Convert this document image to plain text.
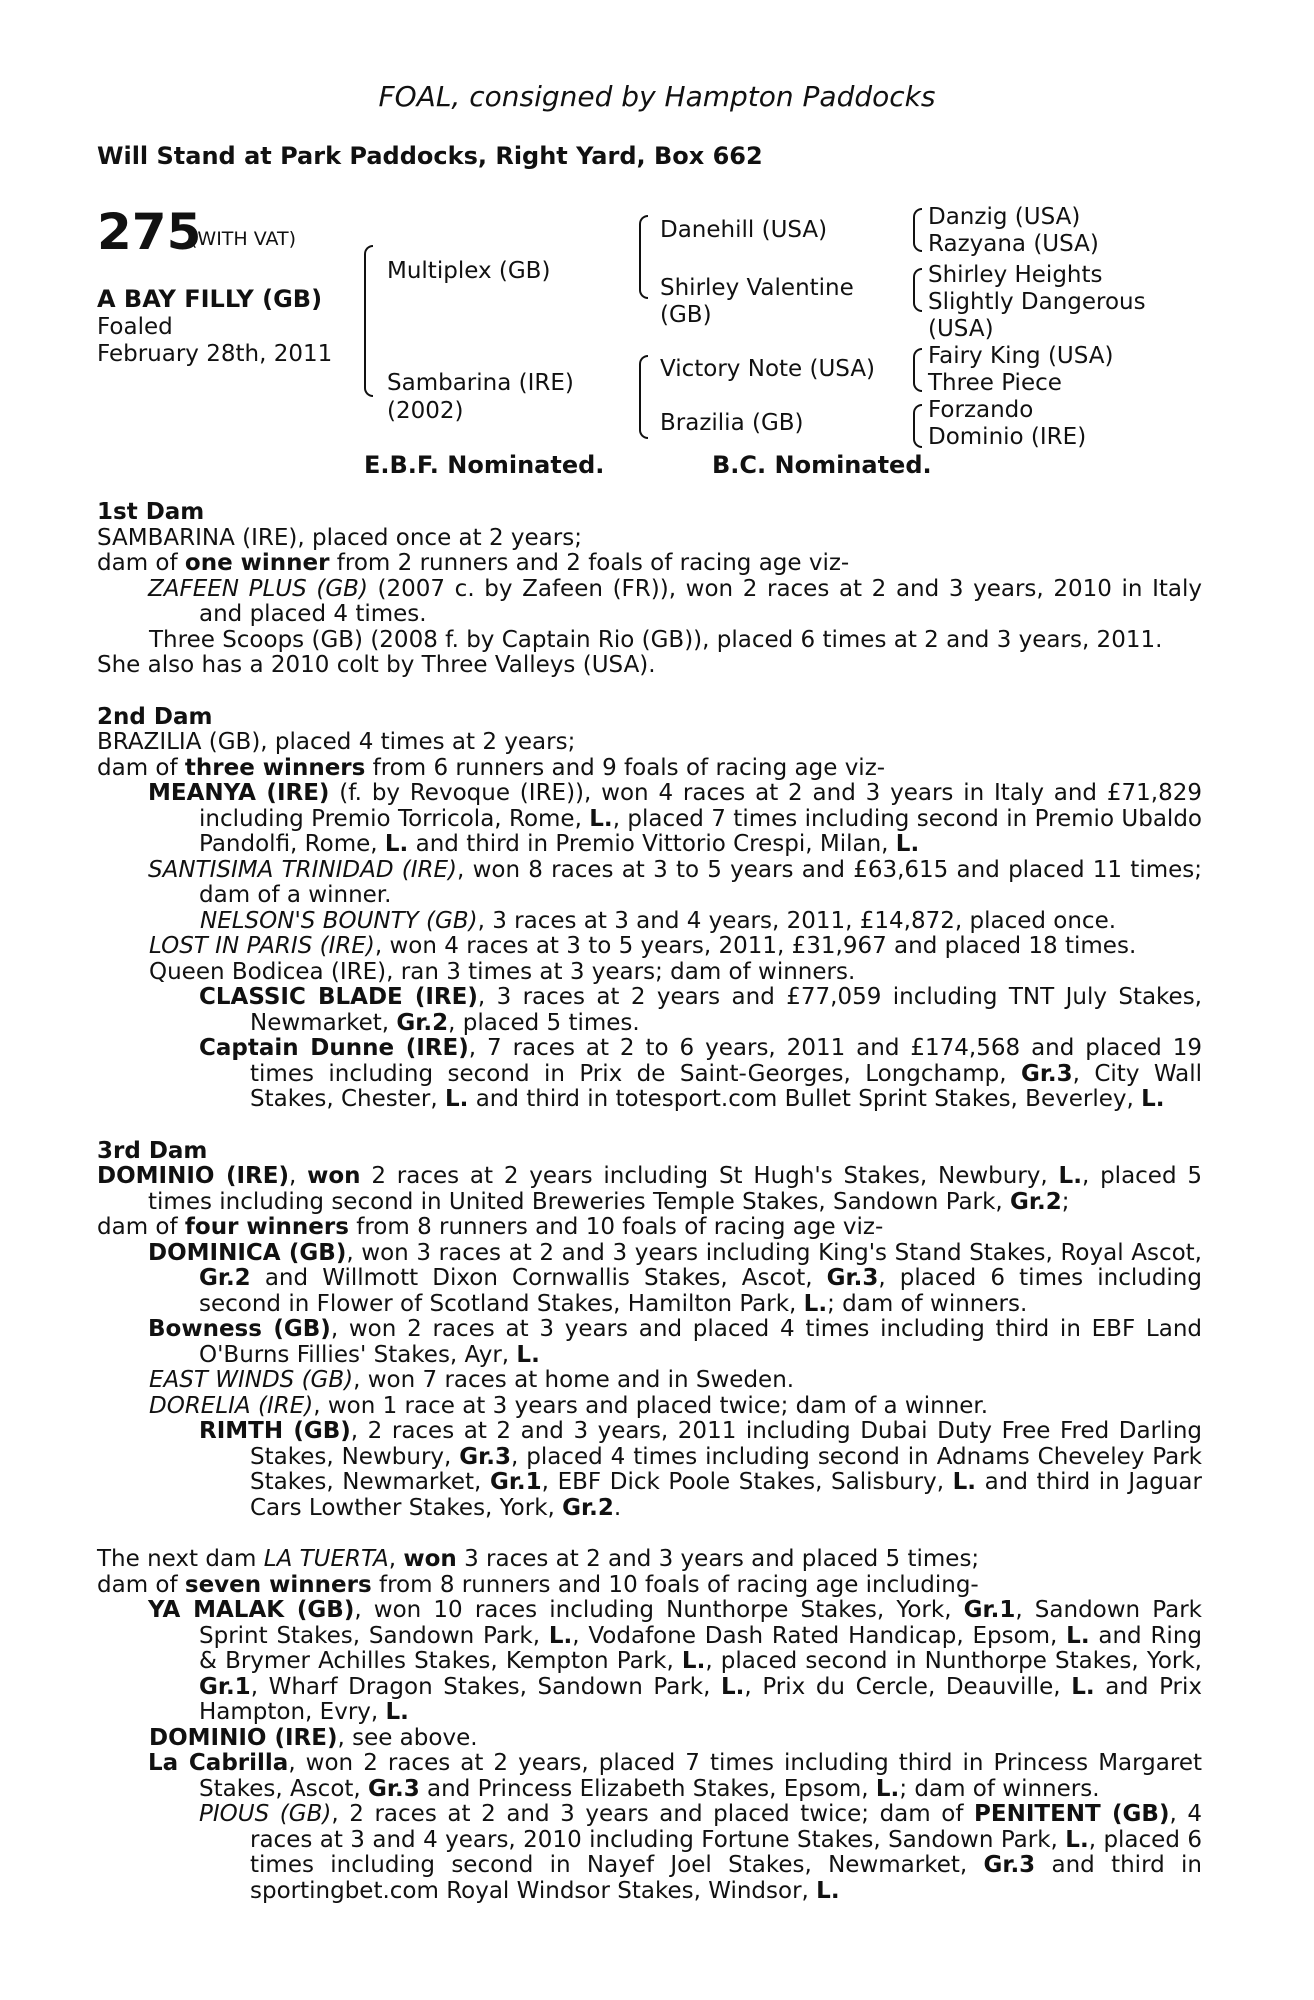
FOAL, consigned by Hampton Paddocks
Will Stand at Park Paddocks, Right Yard, Box 662
275
(WITH VAT)
A BAY FILLY (GB)
Foaled
February 28th, 2011
Multiplex (GB)
Sambarina (IRE)
(2002)
Danehill (USA)
Shirley Valentine
(GB)
Victory Note (USA)
Brazilia (GB)
Danzig (USA)
Razyana (USA)
Shirley Heights
Slightly Dangerous
(USA)
Fairy King (USA)
Three Piece
Forzando
Dominio (IRE)
E.B.F. Nominated.	B.C. Nominated.
1st Dam
SAMBARINA (IRE), placed once at 2 years;
dam of one winner from 2 runners and 2 foals of racing age viz-
ZAFEEN PLUS (GB) (2007 c. by Zafeen (FR)), won 2 races at 2 and 3 years, 2010 in Italy and placed 4 times.
Three Scoops (GB) (2008 f. by Captain Rio (GB)), placed 6 times at 2 and 3 years, 2011.
She also has a 2010 colt by Three Valleys (USA).
2nd Dam
BRAZILIA (GB), placed 4 times at 2 years;
dam of three winners from 6 runners and 9 foals of racing age viz-
MEANYA (IRE) (f. by Revoque (IRE)), won 4 races at 2 and 3 years in Italy and £71,829 including Premio Torricola, Rome, L., placed 7 times including second in Premio Ubaldo Pandolfi, Rome, L. and third in Premio Vittorio Crespi, Milan, L.
SANTISIMA TRINIDAD (IRE), won 8 races at 3 to 5 years and £63,615 and placed 11 times; dam of a winner.
NELSON'S BOUNTY (GB), 3 races at 3 and 4 years, 2011, £14,872, placed once.
LOST IN PARIS (IRE), won 4 races at 3 to 5 years, 2011, £31,967 and placed 18 times.
Queen Bodicea (IRE), ran 3 times at 3 years; dam of winners.
CLASSIC BLADE (IRE), 3 races at 2 years and £77,059 including TNT July Stakes, Newmarket, Gr.2, placed 5 times.
Captain Dunne (IRE), 7 races at 2 to 6 years, 2011 and £174,568 and placed 19 times including second in Prix de Saint-Georges, Longchamp, Gr.3, City Wall Stakes, Chester, L. and third in totesport.com Bullet Sprint Stakes, Beverley, L.
3rd Dam
DOMINIO (IRE), won 2 races at 2 years including St Hugh's Stakes, Newbury, L., placed 5 times including second in United Breweries Temple Stakes, Sandown Park, Gr.2;
dam of four winners from 8 runners and 10 foals of racing age viz-
DOMINICA (GB), won 3 races at 2 and 3 years including King's Stand Stakes, Royal Ascot, Gr.2 and Willmott Dixon Cornwallis Stakes, Ascot, Gr.3, placed 6 times including second in Flower of Scotland Stakes, Hamilton Park, L.; dam of winners.
Bowness (GB), won 2 races at 3 years and placed 4 times including third in EBF Land O'Burns Fillies' Stakes, Ayr, L.
EAST WINDS (GB), won 7 races at home and in Sweden.
DORELIA (IRE), won 1 race at 3 years and placed twice; dam of a winner.
RIMTH (GB), 2 races at 2 and 3 years, 2011 including Dubai Duty Free Fred Darling Stakes, Newbury, Gr.3, placed 4 times including second in Adnams Cheveley Park Stakes, Newmarket, Gr.1, EBF Dick Poole Stakes, Salisbury, L. and third in Jaguar Cars Lowther Stakes, York, Gr.2.
The next dam LA TUERTA, won 3 races at 2 and 3 years and placed 5 times;
dam of seven winners from 8 runners and 10 foals of racing age including-
YA MALAK (GB), won 10 races including Nunthorpe Stakes, York, Gr.1, Sandown Park Sprint Stakes, Sandown Park, L., Vodafone Dash Rated Handicap, Epsom, L. and Ring & Brymer Achilles Stakes, Kempton Park, L., placed second in Nunthorpe Stakes, York, Gr.1, Wharf Dragon Stakes, Sandown Park, L., Prix du Cercle, Deauville, L. and Prix Hampton, Evry, L.
DOMINIO (IRE), see above.
La Cabrilla, won 2 races at 2 years, placed 7 times including third in Princess Margaret Stakes, Ascot, Gr.3 and Princess Elizabeth Stakes, Epsom, L.; dam of winners.
PIOUS (GB), 2 races at 2 and 3 years and placed twice; dam of PENITENT (GB), 4 races at 3 and 4 years, 2010 including Fortune Stakes, Sandown Park, L., placed 6 times including second in Nayef Joel Stakes, Newmarket, Gr.3 and third in sportingbet.com Royal Windsor Stakes, Windsor, L.
